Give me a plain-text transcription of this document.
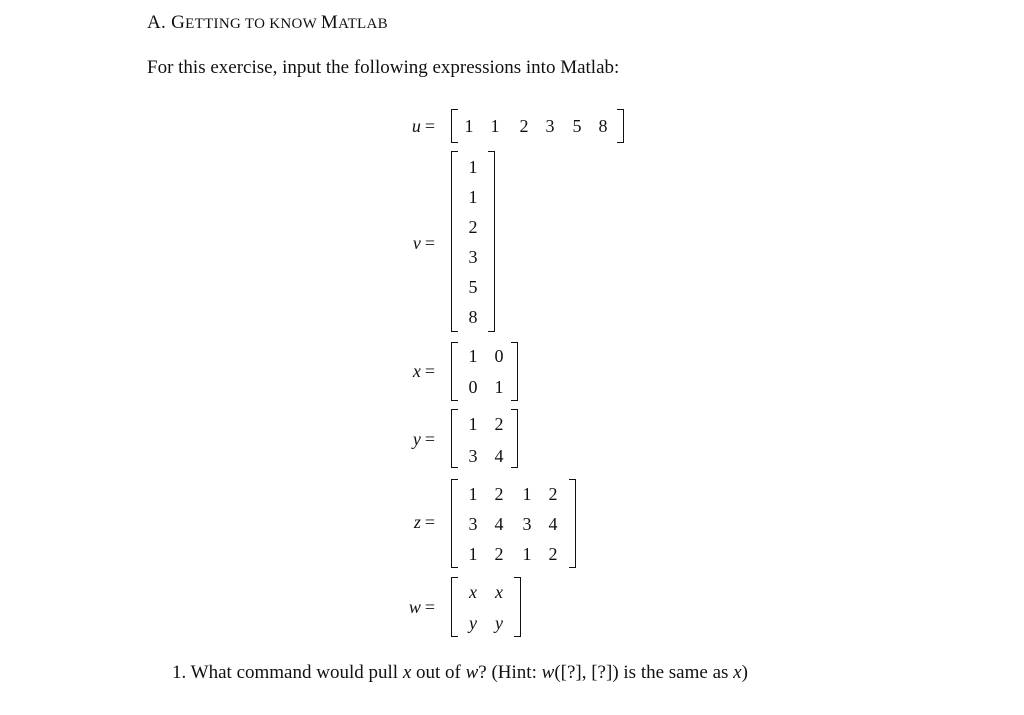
A. GETTING TO KNOW MATLAB
For this exercise, input the following expressions into Matlab:
u =	1 1	2 3	5 8
v =
1
1
2
3
5
8
x =
1 0
0 1
y =
1 2
3 4
z =
1 2	1 2
3 4	3 4
1 2	1 2
w =
x	x
y	y
1. What command would pull x out of w? (Hint: w([?], [?]) is the same as x)
